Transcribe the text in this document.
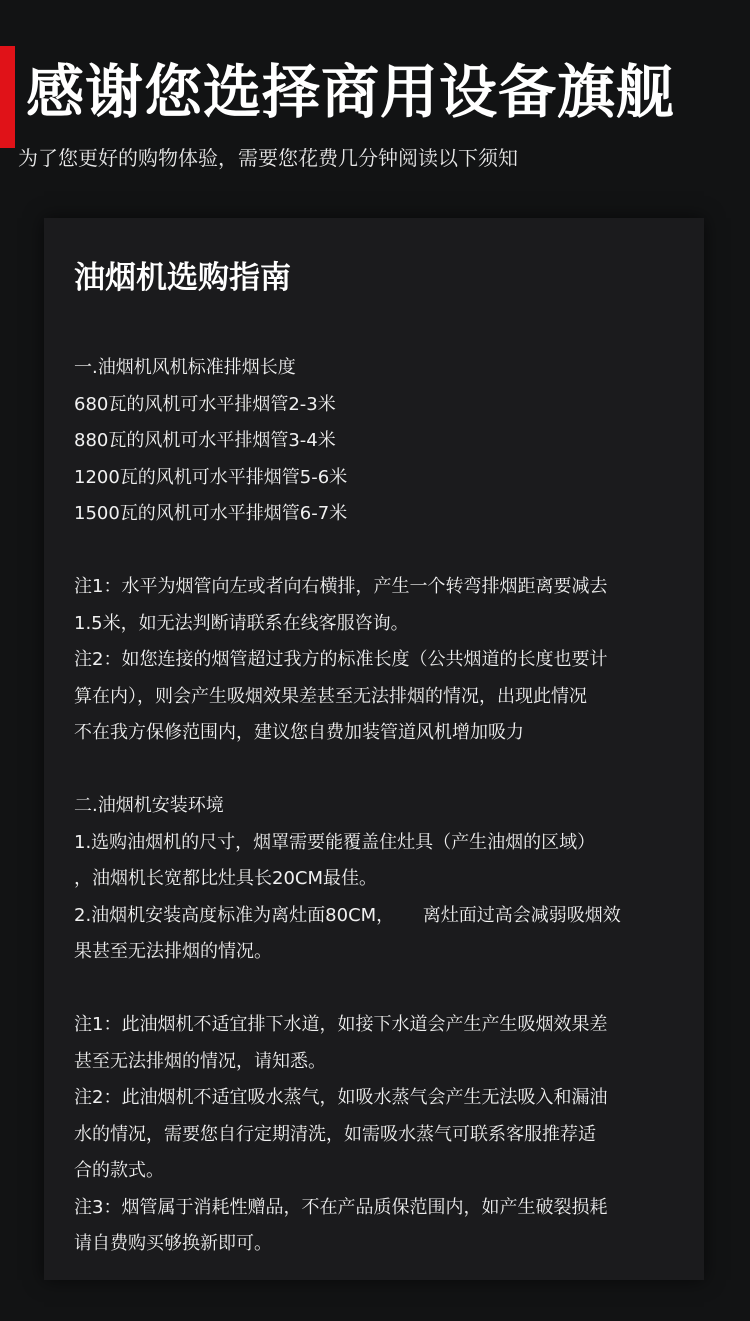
感谢您选择商用设备旗舰
为了您更好的购物体验，需要您花费几分钟阅读以下须知
油烟机选购指南
一.油烟机风机标准排烟长度
680瓦的风机可水平排烟管2-3米
880瓦的风机可水平排烟管3-4米
1200瓦的风机可水平排烟管5-6米
1500瓦的风机可水平排烟管6-7米
注1：水平为烟管向左或者向右横排，产生一个转弯排烟距离要减去
1.5米，如无法判断请联系在线客服咨询。
注2：如您连接的烟管超过我方的标准长度（公共烟道的长度也要计
算在内），则会产生吸烟效果差甚至无法排烟的情况，出现此情况
不在我方保修范围内，建议您自费加装管道风机增加吸力
二.油烟机安装环境
1.选购油烟机的尺寸，烟罩需要能覆盖住灶具（产生油烟的区域）
，油烟机长宽都比灶具长20CM最佳。
2.油烟机安装高度标准为离灶面80CM，     离灶面过高会减弱吸烟效
果甚至无法排烟的情况。
注1：此油烟机不适宜排下水道，如接下水道会产生产生吸烟效果差
甚至无法排烟的情况，请知悉。
注2：此油烟机不适宜吸水蒸气，如吸水蒸气会产生无法吸入和漏油
水的情况，需要您自行定期清洗，如需吸水蒸气可联系客服推荐适
合的款式。
注3：烟管属于消耗性赠品，不在产品质保范围内，如产生破裂损耗
请自费购买够换新即可。
